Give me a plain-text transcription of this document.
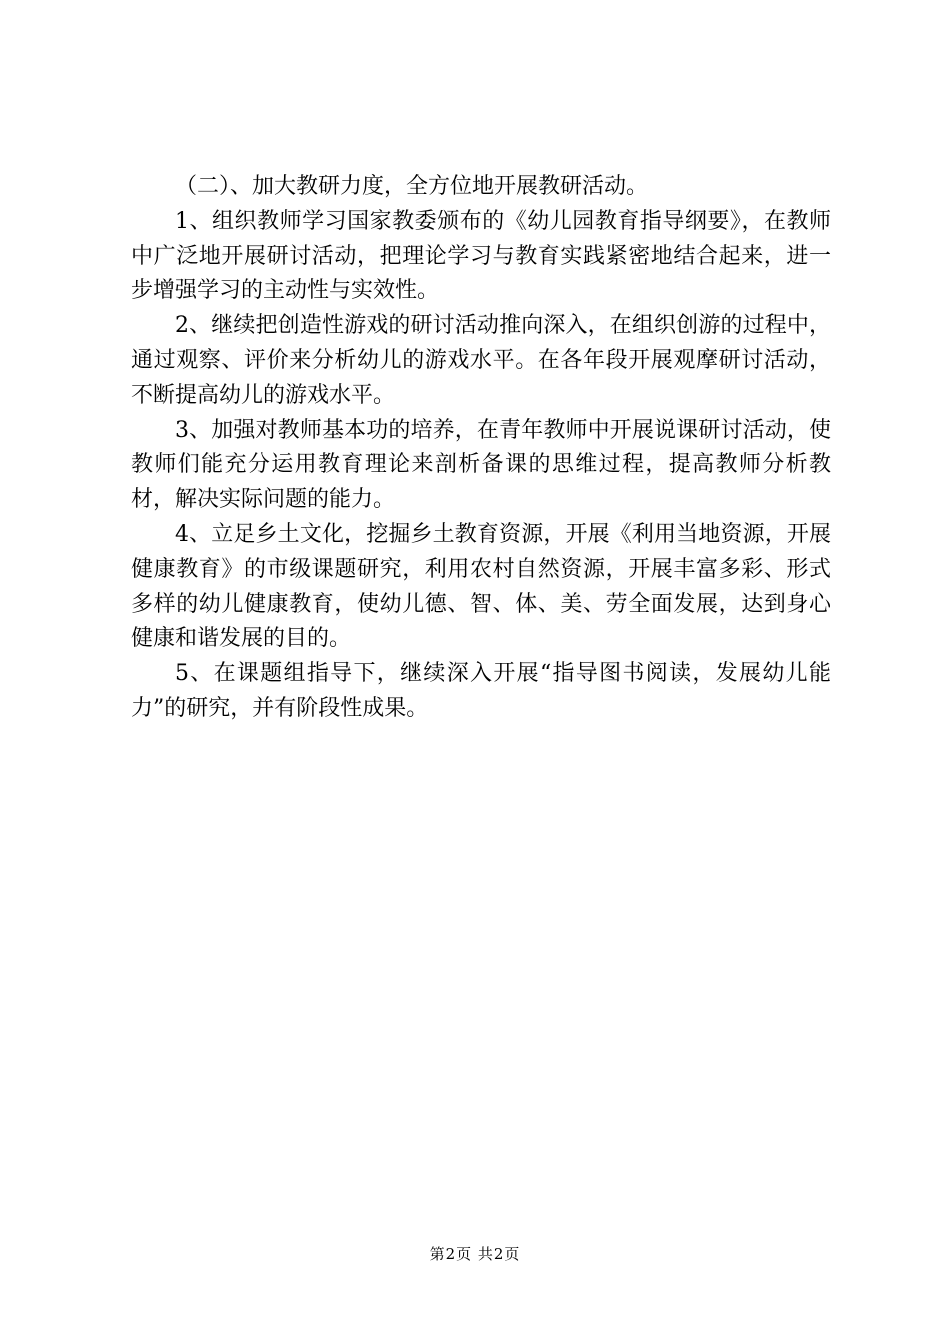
（二）、加大教研力度，全方位地开展教研活动。

1、组织教师学习国家教委颁布的《幼儿园教育指导纲要》，在教师中广泛地开展研讨活动，把理论学习与教育实践紧密地结合起来，进一步增强学习的主动性与实效性。

2、继续把创造性游戏的研讨活动推向深入，在组织创游的过程中，通过观察、评价来分析幼儿的游戏水平。在各年段开展观摩研讨活动，不断提高幼儿的游戏水平。

3、加强对教师基本功的培养，在青年教师中开展说课研讨活动，使教师们能充分运用教育理论来剖析备课的思维过程，提高教师分析教材，解决实际问题的能力。

4、立足乡土文化，挖掘乡土教育资源，开展《利用当地资源，开展健康教育》的市级课题研究，利用农村自然资源，开展丰富多彩、形式多样的幼儿健康教育，使幼儿德、智、体、美、劳全面发展，达到身心健康和谐发展的目的。

5、在课题组指导下，继续深入开展“指导图书阅读，发展幼儿能力”的研究，并有阶段性成果。

第2页 共2页
